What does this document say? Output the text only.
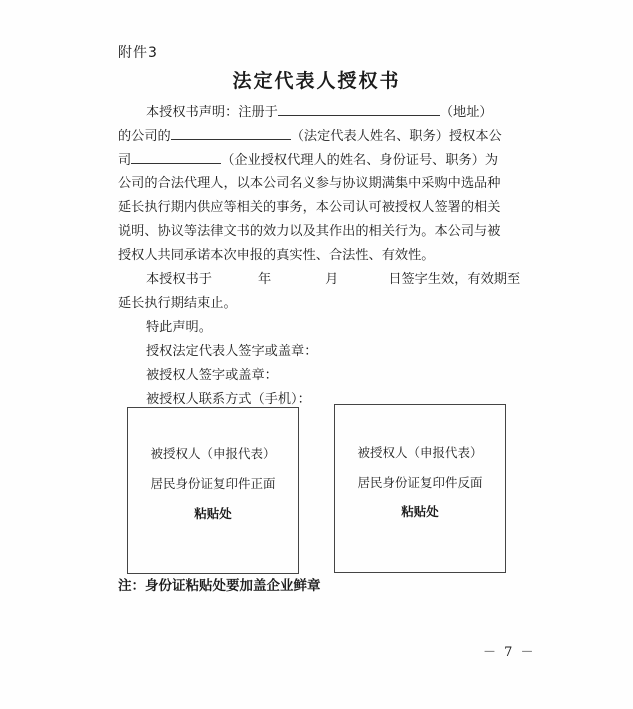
附件3
法定代表人授权书
本授权书声明：注册于	（地址）
的公司的	（法定代表人姓名、职务）授权本公
司	（企业授权代理人的姓名、身份证号、职务）为
公司的合法代理人，以本公司名义参与协议期满集中采购中选品种
延长执行期内供应等相关的事务，本公司认可被授权人签署的相关
说明、协议等法律文书的效力以及其作出的相关行为。本公司与被
授权人共同承诺本次申报的真实性、合法性、有效性。
本授权书于	年	月	日签字生效，有效期至
延长执行期结束止。
特此声明。
授权法定代表人签字或盖章：
被授权人签字或盖章：
被授权人联系方式（手机）：
被授权人（申报代表）
居民身份证复印件正面
粘贴处
被授权人（申报代表）
居民身份证复印件反面
粘贴处
注：身份证粘贴处要加盖企业鲜章
－ 7 －
